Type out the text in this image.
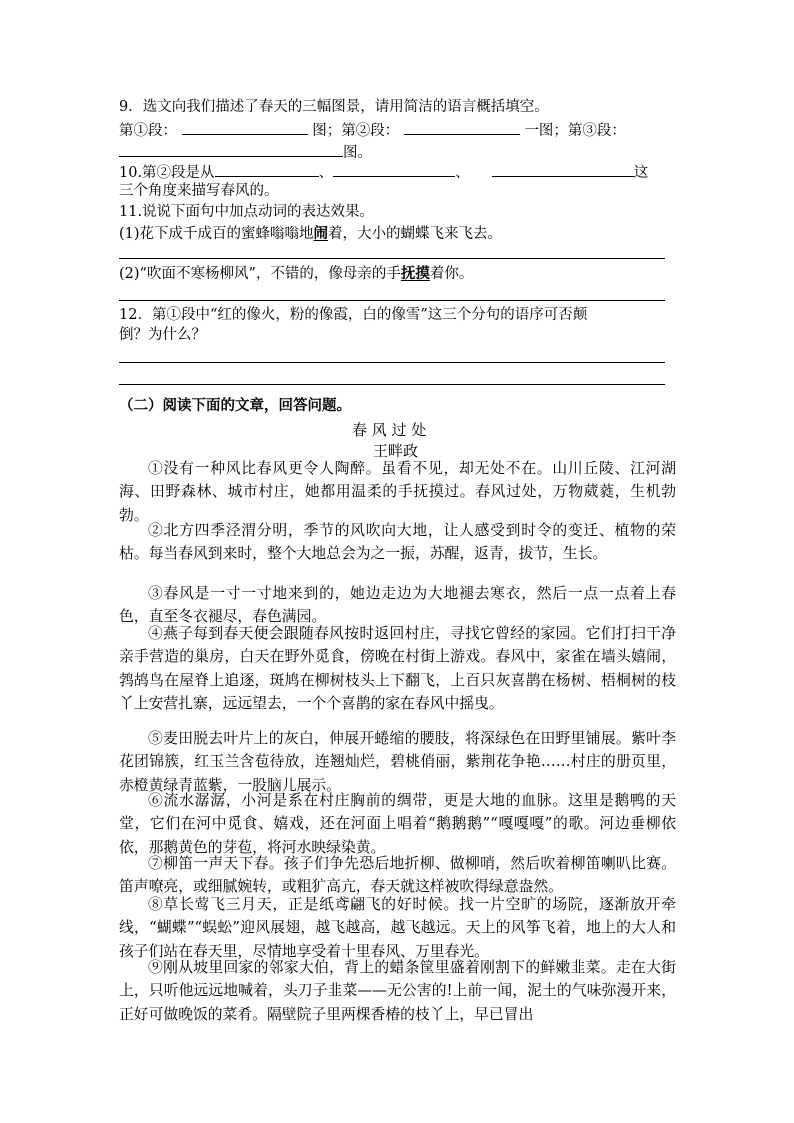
9．选文向我们描述了春天的三幅图景，请用简洁的语言概括填空。
第①段：	图；第②段：	一图；第③段：
图。
10.第②段是从	、	、	这
三个角度来描写春风的。
11.说说下面句中加点动词的表达效果。
(1)花下成千成百的蜜蜂嗡嗡地闹着，大小的蝴蝶飞来飞去。
(2)“吹面不寒杨柳风”，不错的，像母亲的手抚摸着你。
12．第①段中“红的像火，粉的像霞，白的像雪”这三个分句的语序可否颠
倒？为什么？
（二）阅读下面的文章，回答问题。
春 风 过 处
王畔政

①没有一种风比春风更令人陶醉。虽看不见，却无处不在。山川丘陵、江河湖海、田野森林、城市村庄，她都用温柔的手抚摸过。春风过处，万物葳蕤，生机勃勃。

②北方四季泾渭分明，季节的风吹向大地，让人感受到时令的变迁、植物的荣枯。每当春风到来时，整个大地总会为之一振，苏醒，返青，拔节，生长。

③春风是一寸一寸地来到的，她边走边为大地褪去寒衣，然后一点一点着上春色，直至冬衣褪尽，春色满园。

④燕子每到春天便会跟随春风按时返回村庄，寻找它曾经的家园。它们打扫干净亲手营造的巢房，白天在野外觅食，傍晚在村街上游戏。春风中，家雀在墙头嬉闹，鹁鸪鸟在屋脊上追逐，斑鸠在柳树枝头上下翻飞，上百只灰喜鹊在杨树、梧桐树的枝丫上安营扎寨，远远望去，一个个喜鹊的家在春风中摇曳。

⑤麦田脱去叶片上的灰白，伸展开蜷缩的腰肢，将深绿色在田野里铺展。紫叶李花团锦簇，红玉兰含苞待放，连翘灿烂，碧桃俏丽，紫荆花争艳……村庄的册页里，赤橙黄绿青蓝紫，一股脑儿展示。

⑥流水潺潺，小河是系在村庄胸前的绸带，更是大地的血脉。这里是鹅鸭的天堂，它们在河中觅食、嬉戏，还在河面上唱着“鹅鹅鹅”“嘎嘎嘎”的歌。河边垂柳依依，那鹅黄色的芽苞，将河水映绿染黄。

⑦柳笛一声天下春。孩子们争先恐后地折柳、做柳哨，然后吹着柳笛喇叭比赛。笛声嘹亮，或细腻婉转，或粗犷高亢，春天就这样被吹得绿意盎然。

⑧草长莺飞三月天，正是纸鸢翩飞的好时候。找一片空旷的场院，逐渐放开牵线，“蝴蝶”“蜈蚣”迎风展翅，越飞越高，越飞越远。天上的风筝飞着，地上的大人和孩子们站在春天里，尽情地享受着十里春风、万里春光。

⑨刚从坡里回家的邻家大伯，背上的蜡条筐里盛着刚割下的鲜嫩韭菜。走在大街上，只听他远远地喊着，头刀子韭菜——无公害的!上前一闻，泥土的气味弥漫开来，正好可做晚饭的菜肴。隔壁院子里两棵香椿的枝丫上，早已冒出
